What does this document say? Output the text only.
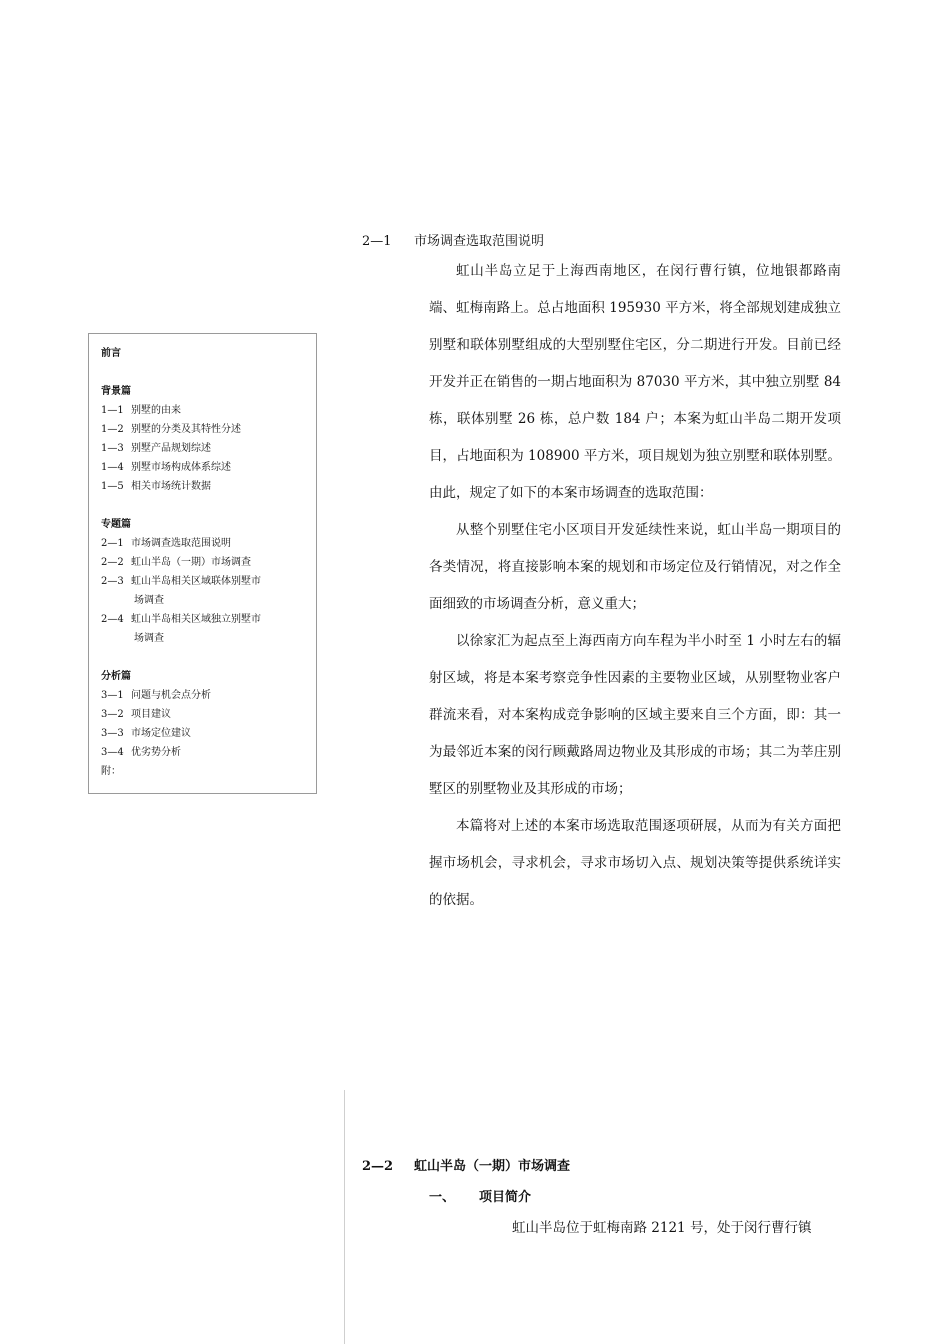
前言
背景篇
1—1 别墅的由来
1—2 别墅的分类及其特性分述
1—3 别墅产品规划综述
1—4 别墅市场构成体系综述
1—5 相关市场统计数据
专题篇
2—1 市场调查选取范围说明
2—2 虹山半岛（一期）市场调查
2—3 虹山半岛相关区域联体别墅市
场调查
2—4 虹山半岛相关区域独立别墅市
场调查
分析篇
3—1 问题与机会点分析
3—2 项目建议
3—3 市场定位建议
3—4 优劣势分析
附：
2—1 市场调查选取范围说明

虹山半岛立足于上海西南地区，在闵行曹行镇，位地银都路南端、虹梅南路上。总占地面积 195930 平方米，将全部规划建成独立别墅和联体别墅组成的大型别墅住宅区，分二期进行开发。目前已经开发并正在销售的一期占地面积为 87030 平方米，其中独立别墅 84 栋，联体别墅 26 栋，总户数 184 户；本案为虹山半岛二期开发项目，占地面积为 108900 平方米，项目规划为独立别墅和联体别墅。由此，规定了如下的本案市场调查的选取范围：

从整个别墅住宅小区项目开发延续性来说，虹山半岛一期项目的各类情况，将直接影响本案的规划和市场定位及行销情况，对之作全面细致的市场调查分析，意义重大；

以徐家汇为起点至上海西南方向车程为半小时至 1 小时左右的辐射区域，将是本案考察竞争性因素的主要物业区域，从别墅物业客户群流来看，对本案构成竞争影响的区域主要来自三个方面，即：其一为最邻近本案的闵行顾戴路周边物业及其形成的市场；其二为莘庄别墅区的别墅物业及其形成的市场；

本篇将对上述的本案市场选取范围逐项研展，从而为有关方面把握市场机会，寻求机会，寻求市场切入点、规划决策等提供系统详实的依据。

2—2 虹山半岛（一期）市场调查
一、 项目简介
虹山半岛位于虹梅南路 2121 号，处于闵行曹行镇
